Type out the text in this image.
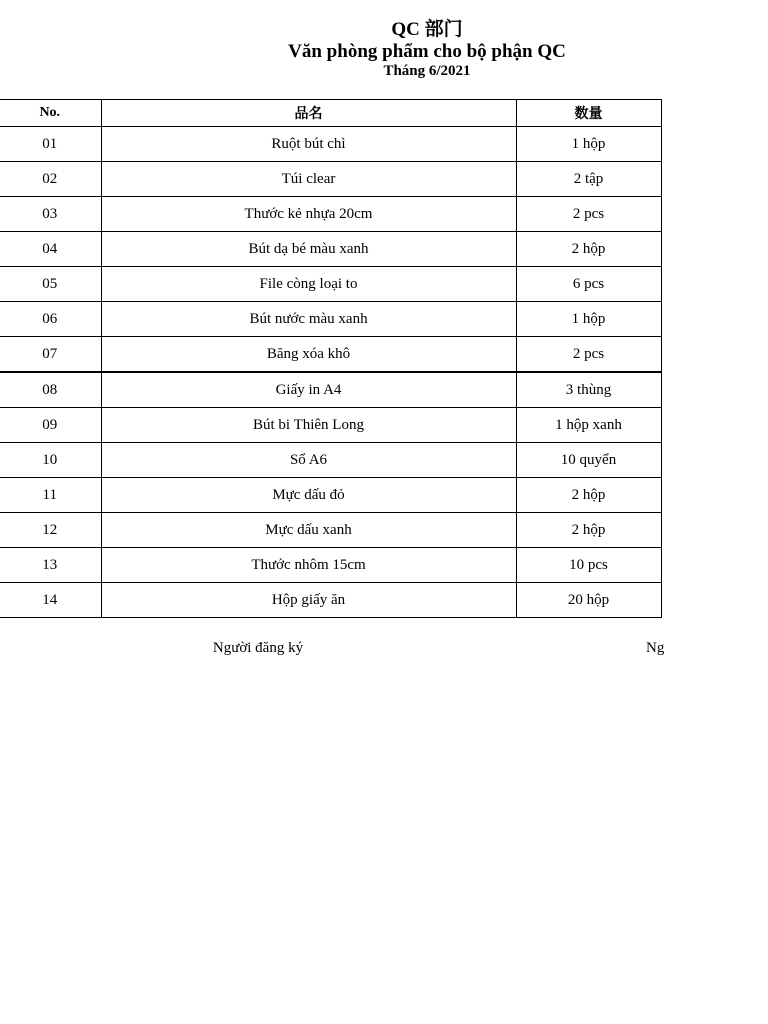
QC 部门
Văn phòng phẩm cho bộ phận QC
Tháng 6/2021
No.	品名	数量
01	Ruột bút chì	1 hộp
02	Túi clear	2 tập
03	Thước kẻ nhựa 20cm	2 pcs
04	Bút dạ bé màu xanh	2 hộp
05	File còng loại to	6 pcs
06	Bút nước màu xanh	1 hộp
07	Băng xóa khô	2 pcs
08	Giấy in A4	3 thùng
09	Bút bi Thiên Long	1 hộp xanh
10	Sổ A6	10 quyển
11	Mực dấu đỏ	2 hộp
12	Mực dấu xanh	2 hộp
13	Thước nhôm 15cm	10 pcs
14	Hộp giấy ăn	20 hộp
Người đăng ký	Ng
